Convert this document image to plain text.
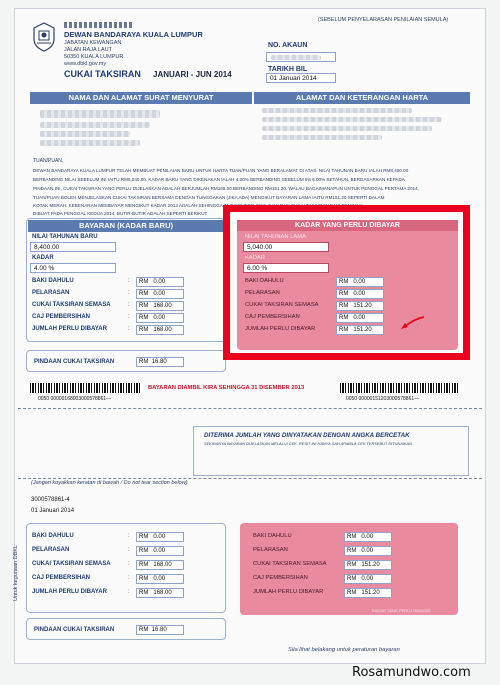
(SEBELUM PENYELARASAN PENILAIAN SEMULA)
DEWAN BANDARAYA KUALA LUMPUR
JABATAN KEWANGAN
JALAN RAJA LAUT
50350 KUALA LUMPUR
www.dbkl.gov.my
CUKAI TAKSIRAN JANUARI - JUN 2014
NO. AKAUN
TARIKH BIL
01 Januari 2014
NAMA DAN ALAMAT SURAT MENYURAT	ALAMAT DAN KETERANGAN HARTA
TUAN/PUAN,
DEWAN BANDARAYA KUALA LUMPUR TELAH MEMBUAT PENILAIAN BARU UNTUK HARTA TUAN/PUAN YANG BERALAMAT DI ATAS. NILAI TAHUNAN BARU IALAH RM8,400.00
BERBANDING NILAI SEBELUM INI IAITU RM5,040.00. KADAR BARU YANG DIKENAKAN IALAH 4.00% BERBANDING SEBELUM INI 6.00% SETAHUN. BERDASARKAN KEPADA
PINDAAN INI, CUKAI TAKSIRAN YANG PERLU DIJELASKAN ADALAH BERJUMLAH RM168.00 BERBANDING RM151.20. WALAU BAGAIMANAPUN UNTUK PENGGAL PERTAMA 2014,
TUAN/PUAN BOLEH MENJELASKAN CUKAI TAKSIRAN BERSAMA DENGAN TUNGGAKAN (JIKA ADA) MENGIKUT BAYARAN LAMA IAITU RM151.20 SEPERTI DALAM
KOTAK MERAH. KEBENARAN MEMBAYAR MENGIKUT KADAR 2013 ADALAH SEHINGGA 31 DISEMBER 2013. BAYARAN CUKAI TAKSIRAN BAKI PENGGAL
DIBUAT PADA PENGGAL KEDUA 2014. BUTIR-BUTIR ADALAH SEPERTI BERIKUT
BAYARAN (KADAR BARU)
NILAI TAHUNAN BARU
8,400.00
KADAR
4.00 %
BAKI DAHULU	:	RM 0.00
PELARASAN	:	RM 0.00
CUKAI TAKSIRAN SEMASA	:	RM 168.00
CAJ PEMBERSIHAN	:	RM 0.00
JUMLAH PERLU DIBAYAR	:	RM 168.00
PINDAAN CUKAI TAKSIRAN	RM 16.80
KADAR YANG PERLU DIBAYAR
NILAI TAHUNAN LAMA
5,040.00
KADAR
6.00 %
BAKI DAHULU	RM 0.00
PELARASAN	RM 0.00
CUKAI TAKSIRAN SEMASA	RM 151.20
CAJ PEMBERSIHAN	RM 0.00
JUMLAH PERLU DIBAYAR	RM 151.20
BAYARAN DIAMBIL KIRA SEHINGGA 31 DISEMBER 2013
0050 00000168003000578861—	0050 00000151203000578861—
DITERIMA JUMLAH YANG DINYATAKAN DENGAN ANGKA BERCETAK
SEKIRANYA BAYARAN DIJELASKAN MELALUI CEK, RESIT INI HANYA SAH APABILA CEK TERSEBUT DITUNAIKAN
(Jangan koyakkan keratan di bawah / Do not tear section below)
3000578861-4
01 Januari 2014
Untuk kegunaan DBKL
BAKI DAHULU	:	RM 0.00
PELARASAN	:	RM 0.00
CUKAI TAKSIRAN SEMASA	:	RM 168.00
CAJ PEMBERSIHAN	:	RM 0.00
JUMLAH PERLU DIBAYAR	:	RM 168.00
KADAR YANG PERLU DIBAYAR
BAKI DAHULU	RM 0.00
PELARASAN	RM 0.00
CUKAI TAKSIRAN SEMASA	RM 151.20
CAJ PEMBERSIHAN	RM 0.00
JUMLAH PERLU DIBAYAR	RM 151.20
PINDAAN CUKAI TAKSIRAN	RM 16.80
Sila lihat belakang untuk peraturan bayaran
Rosamundwo.com
